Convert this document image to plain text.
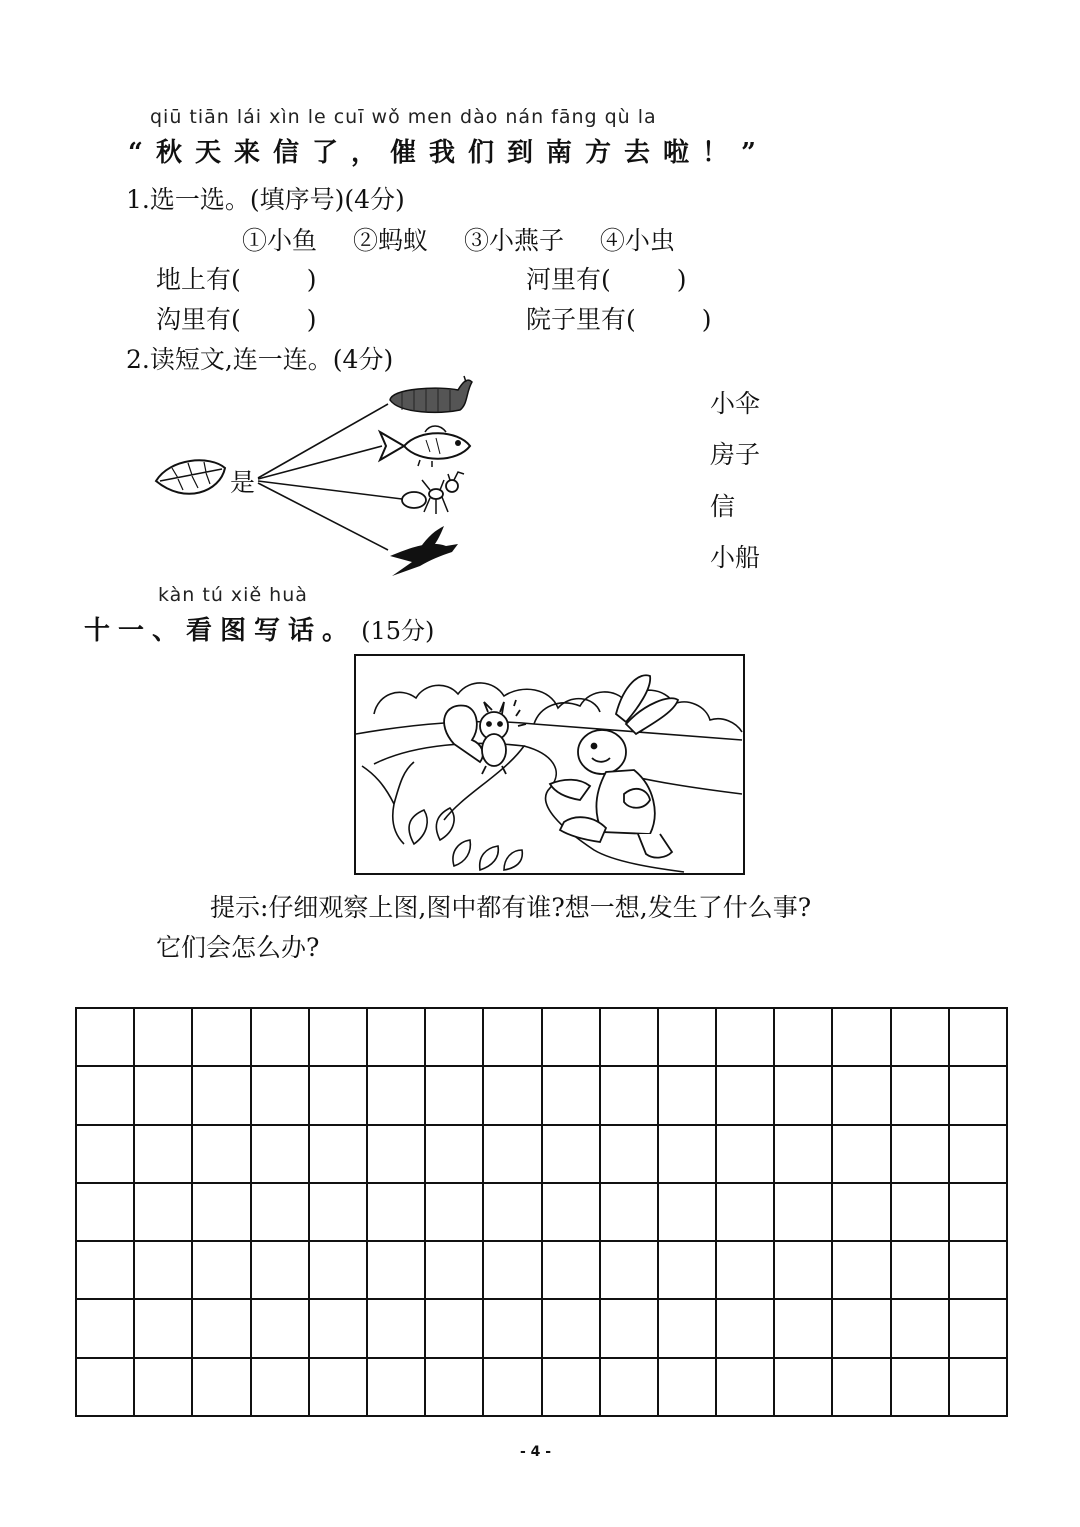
qiū tiān lái xìn le cuī wǒ men dào nán fāng qù la
“秋天来信了，催我们到南方去啦！”
1.选一选。(填序号)(4分)
①小鱼 ②蚂蚁 ③小燕子 ④小虫
地上有(	)	河里有(	)
沟里有(	)	院子里有(	)
2.读短文,连一连。(4分)
是
小伞
房子
信
小船
kàn tú xiě huà
十一、看图写话。 (15分)
提示:仔细观察上图,图中都有谁?想一想,发生了什么事?
它们会怎么办?
- 4 -
